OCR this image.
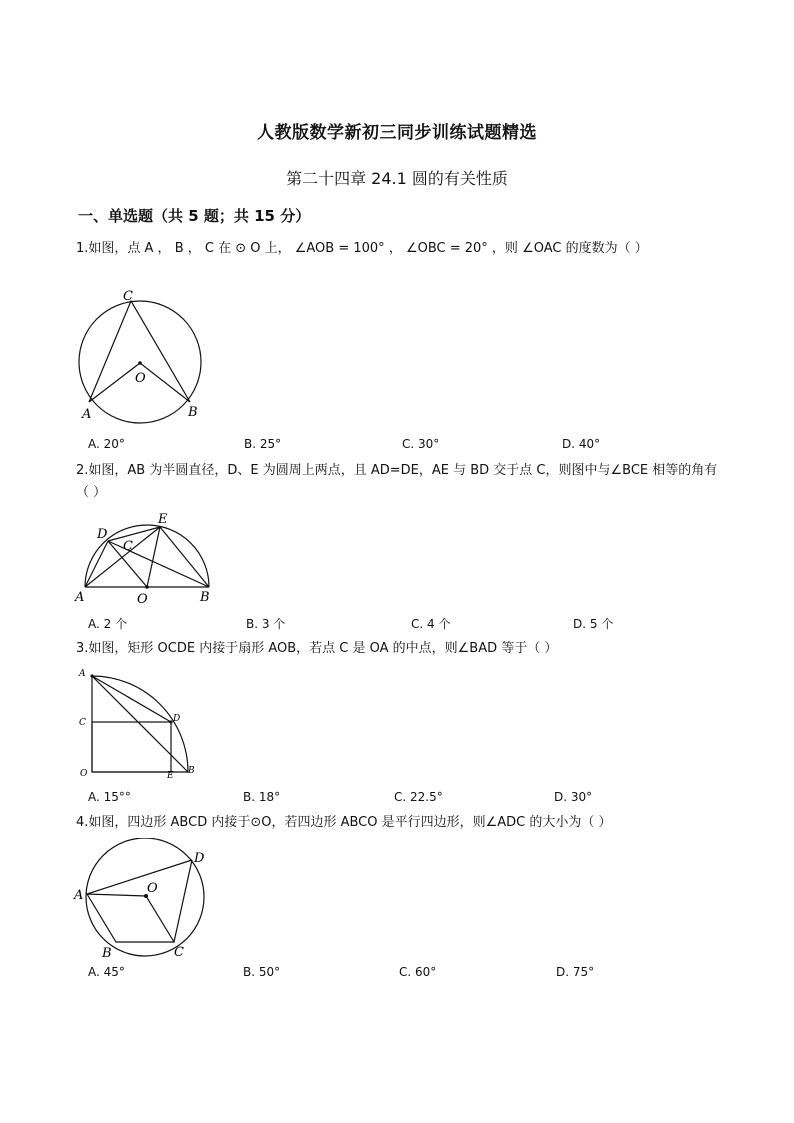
人教版数学新初三同步训练试题精选
第二十四章 24.1 圆的有关性质
一、单选题（共 5 题；共 15 分）
1.如图，点 A ， B ， C 在 ⊙ O 上， ∠AOB = 100° ， ∠OBC = 20° ，则 ∠OAC 的度数为（ ）
C
O
A	B
A. 20°	B. 25°	C. 30°	D. 40°
2.如图，AB 为半圆直径，D、E 为圆周上两点，且 AD=DE，AE 与 BD 交于点 C，则图中与∠BCE 相等的角有（ ）
D
E
C
A	O	B
A. 2 个	B. 3 个	C. 4 个	D. 5 个
3.如图，矩形 OCDE 内接于扇形 AOB，若点 C 是 OA 的中点，则∠BAD 等于（ ）
A
C	D
O	E B
A. 15°°	B. 18°	C. 22.5°	D. 30°
4.如图，四边形 ABCD 内接于⊙O，若四边形 ABCO 是平行四边形，则∠ADC 的大小为（ ）
A
D
O
B	C
A. 45°	B. 50°	C. 60°	D. 75°
